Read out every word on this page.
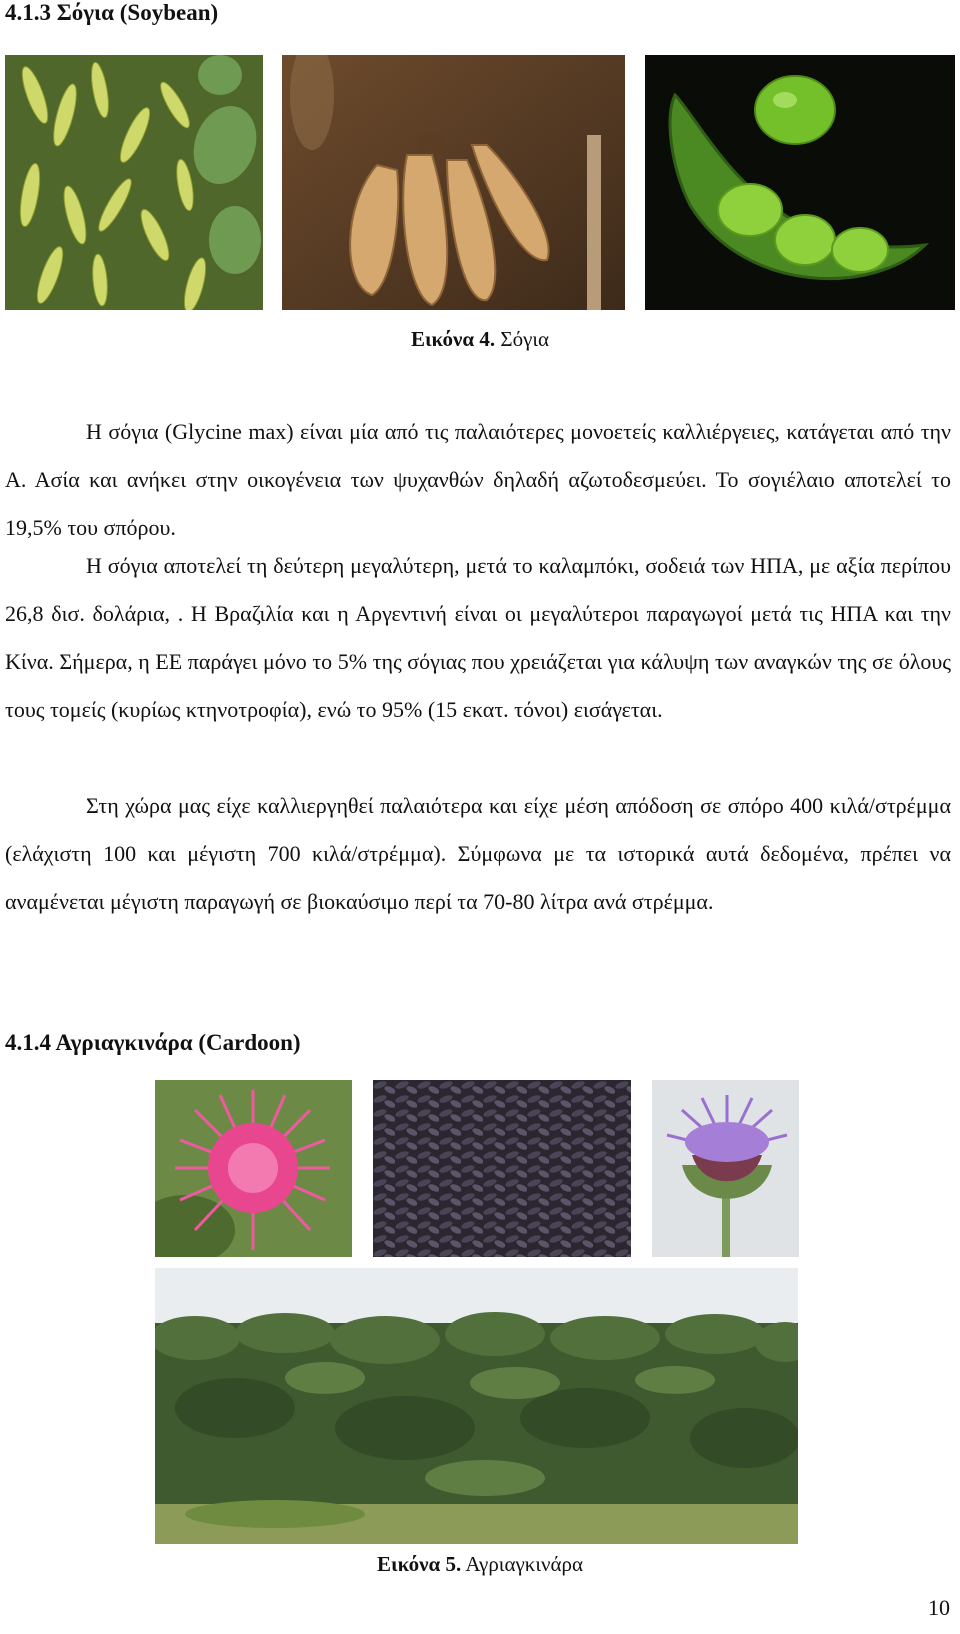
4.1.3 Σόγια (Soybean)
Εικόνα 4. Σόγια

Η σόγια (Glycine max) είναι μία από τις παλαιότερες μονοετείς καλλιέργειες, κατάγεται από την Α. Ασία και ανήκει στην οικογένεια των ψυχανθών δηλαδή αζωτοδεσμεύει. Το σογιέλαιο αποτελεί το 19,5% του σπόρου.

Η σόγια αποτελεί τη δεύτερη μεγαλύτερη, μετά το καλαμπόκι, σοδειά των ΗΠΑ, με αξία περίπου 26,8 δισ. δολάρια, . Η Βραζιλία και η Αργεντινή είναι οι μεγαλύτεροι παραγωγοί μετά τις ΗΠΑ και την Κίνα. Σήμερα, η ΕΕ παράγει μόνο το 5% της σόγιας που χρειάζεται για κάλυψη των αναγκών της σε όλους τους τομείς (κυρίως κτηνοτροφία), ενώ το 95% (15 εκατ. τόνοι) εισάγεται.

Στη χώρα μας είχε καλλιεργηθεί παλαιότερα και είχε μέση απόδοση σε σπόρο 400 κιλά/στρέμμα (ελάχιστη 100 και μέγιστη 700 κιλά/στρέμμα). Σύμφωνα με τα ιστορικά αυτά δεδομένα, πρέπει να αναμένεται μέγιστη παραγωγή σε βιοκαύσιμο περί τα 70-80 λίτρα ανά στρέμμα.

4.1.4 Αγριαγκινάρα (Cardoon)
Εικόνα 5. Αγριαγκινάρα
10
